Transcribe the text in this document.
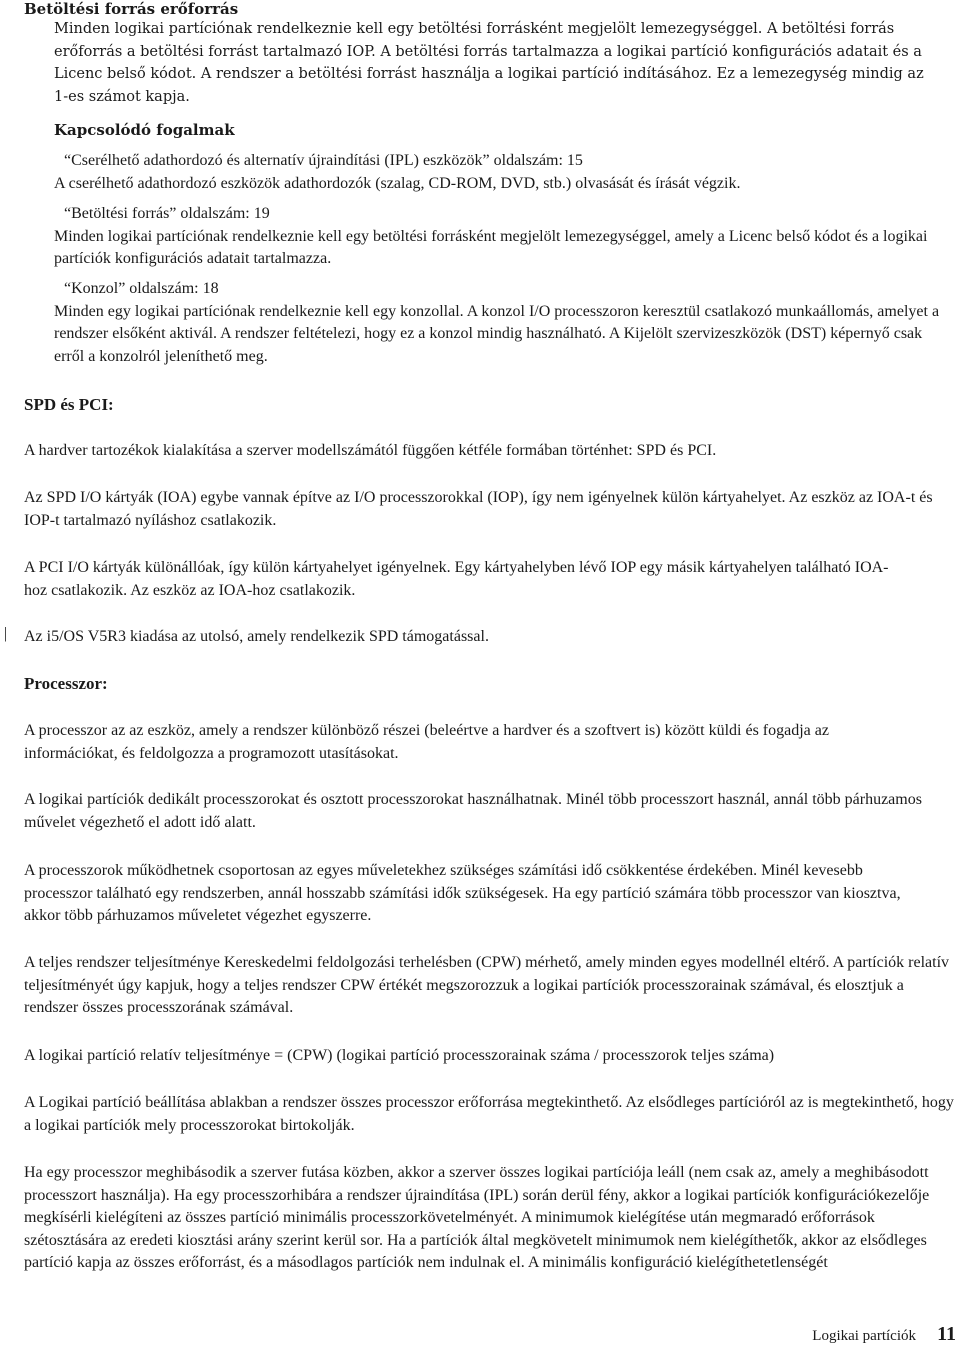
Betöltési forrás erőforrás

Minden logikai partíciónak rendelkeznie kell egy betöltési forrásként megjelölt lemezegységgel. A betöltési forrás erőforrás a betöltési forrást tartalmazó IOP. A betöltési forrás tartalmazza a logikai partíció konfigurációs adatait és a Licenc belső kódot. A rendszer a betöltési forrást használja a logikai partíció indításához. Ez a lemezegység mindig az 1-es számot kapja.

Kapcsolódó fogalmak

“Cserélhető adathordozó és alternatív újraindítási (IPL) eszközök” oldalszám: 15
A cserélhető adathordozó eszközök adathordozók (szalag, CD-ROM, DVD, stb.) olvasását és írását végzik.

“Betöltési forrás” oldalszám: 19
Minden logikai partíciónak rendelkeznie kell egy betöltési forrásként megjelölt lemezegységgel, amely a Licenc belső kódot és a logikai partíciók konfigurációs adatait tartalmazza.

“Konzol” oldalszám: 18
Minden egy logikai partíciónak rendelkeznie kell egy konzollal. A konzol I/O processzoron keresztül csatlakozó munkaállomás, amelyet a rendszer elsőként aktivál. A rendszer feltételezi, hogy ez a konzol mindig használható. A Kijelölt szervizeszközök (DST) képernyő csak erről a konzolról jeleníthető meg.

SPD és PCI:

A hardver tartozékok kialakítása a szerver modellszámától függően kétféle formában történhet: SPD és PCI.

Az SPD I/O kártyák (IOA) egybe vannak építve az I/O processzorokkal (IOP), így nem igényelnek külön kártyahelyet. Az eszköz az IOA-t és IOP-t tartalmazó nyíláshoz csatlakozik.

A PCI I/O kártyák különállóak, így külön kártyahelyet igényelnek. Egy kártyahelyben lévő IOP egy másik kártyahelyen található IOA-hoz csatlakozik. Az eszköz az IOA-hoz csatlakozik.

| Az i5/OS V5R3 kiadása az utolsó, amely rendelkezik SPD támogatással.

Processzor:

A processzor az az eszköz, amely a rendszer különböző részei (beleértve a hardver és a szoftvert is) között küldi és fogadja az információkat, és feldolgozza a programozott utasításokat.

A logikai partíciók dedikált processzorokat és osztott processzorokat használhatnak. Minél több processzort használ, annál több párhuzamos művelet végezhető el adott idő alatt.

A processzorok működhetnek csoportosan az egyes műveletekhez szükséges számítási idő csökkentése érdekében. Minél kevesebb processzor található egy rendszerben, annál hosszabb számítási idők szükségesek. Ha egy partíció számára több processzor van kiosztva, akkor több párhuzamos műveletet végezhet egyszerre.

A teljes rendszer teljesítménye Kereskedelmi feldolgozási terhelésben (CPW) mérhető, amely minden egyes modellnél eltérő. A partíciók relatív teljesítményét úgy kapjuk, hogy a teljes rendszer CPW értékét megszorozzuk a logikai partíciók processzorainak számával, és elosztjuk a rendszer összes processzorának számával.

A logikai partíció relatív teljesítménye = (CPW) (logikai partíció processzorainak száma / processzorok teljes száma)

A Logikai partíció beállítása ablakban a rendszer összes processzor erőforrása megtekinthető. Az elsődleges partícióról az is megtekinthető, hogy a logikai partíciók mely processzorokat birtokolják.

Ha egy processzor meghibásodik a szerver futása közben, akkor a szerver összes logikai partíciója leáll (nem csak az, amely a meghibásodott processzort használja). Ha egy processzorhibára a rendszer újraindítása (IPL) során derül fény, akkor a logikai partíciók konfigurációkezelője megkísérli kielégíteni az összes partíció minimális processzorkövetelményét. A minimumok kielégítése után megmaradó erőforrások szétosztására az eredeti kiosztási arány szerint kerül sor. Ha a partíciók által megkövetelt minimumok nem kielégíthetők, akkor az elsődleges partíció kapja az összes erőforrást, és a másodlagos partíciók nem indulnak el. A minimális konfiguráció kielégíthetetlenségét

Logikai partíciók 11
